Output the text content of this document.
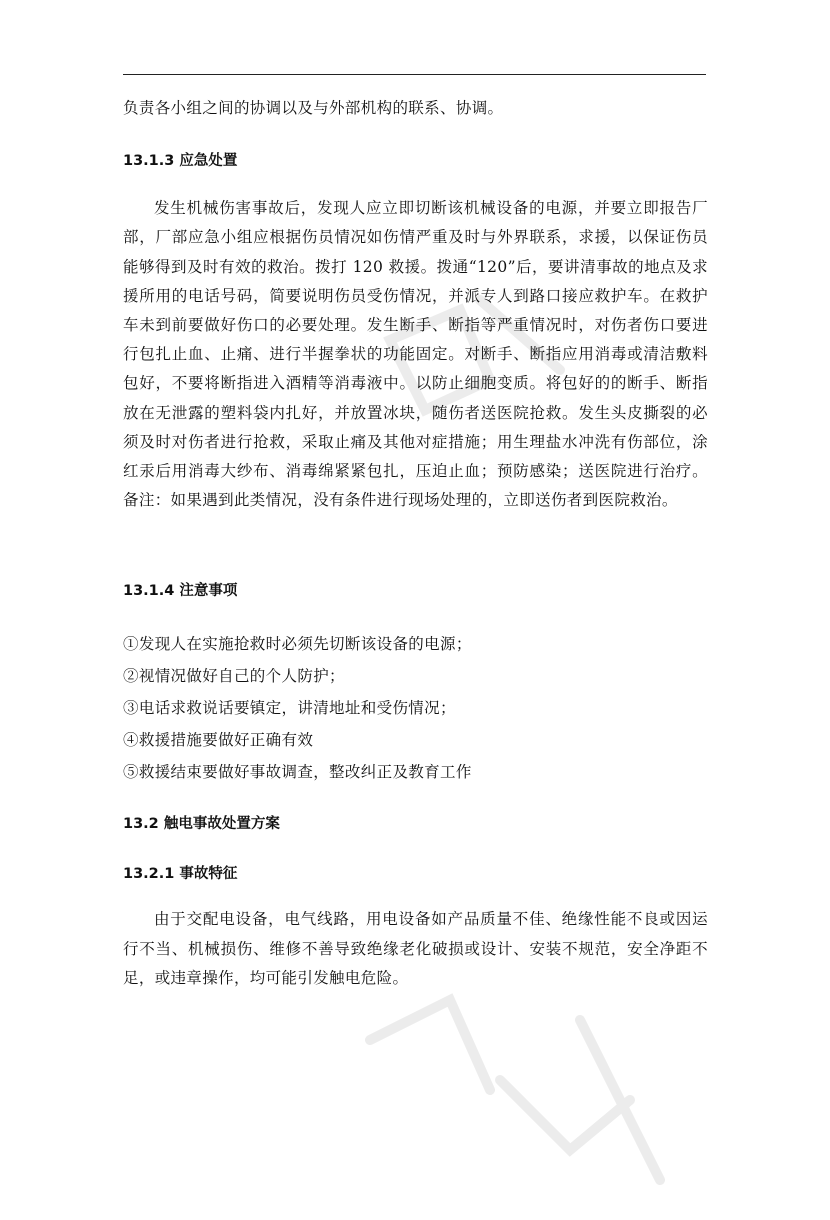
负责各小组之间的协调以及与外部机构的联系、协调。

13.1.3 应急处置

发生机械伤害事故后，发现人应立即切断该机械设备的电源，并要立即报告厂部，厂部应急小组应根据伤员情况如伤情严重及时与外界联系，求援，以保证伤员能够得到及时有效的救治。拨打 120 救援。拨通“120”后，要讲清事故的地点及求援所用的电话号码，简要说明伤员受伤情况，并派专人到路口接应救护车。在救护车未到前要做好伤口的必要处理。发生断手、断指等严重情况时，对伤者伤口要进行包扎止血、止痛、进行半握拳状的功能固定。对断手、断指应用消毒或清洁敷料包好，不要将断指进入酒精等消毒液中。以防止细胞变质。将包好的的断手、断指放在无泄露的塑料袋内扎好，并放置冰块，随伤者送医院抢救。发生头皮撕裂的必须及时对伤者进行抢救，采取止痛及其他对症措施；用生理盐水冲洗有伤部位，涂红汞后用消毒大纱布、消毒绵紧紧包扎，压迫止血；预防感染；送医院进行治疗。备注：如果遇到此类情况，没有条件进行现场处理的，立即送伤者到医院救治。

13.1.4 注意事项

①发现人在实施抢救时必须先切断该设备的电源；

②视情况做好自己的个人防护；

③电话求救说话要镇定，讲清地址和受伤情况；

④救援措施要做好正确有效

⑤救援结束要做好事故调查，整改纠正及教育工作

13.2 触电事故处置方案
13.2.1 事故特征

由于交配电设备，电气线路，用电设备如产品质量不佳、绝缘性能不良或因运行不当、机械损伤、维修不善导致绝缘老化破损或设计、安装不规范，安全净距不足，或违章操作，均可能引发触电危险。
